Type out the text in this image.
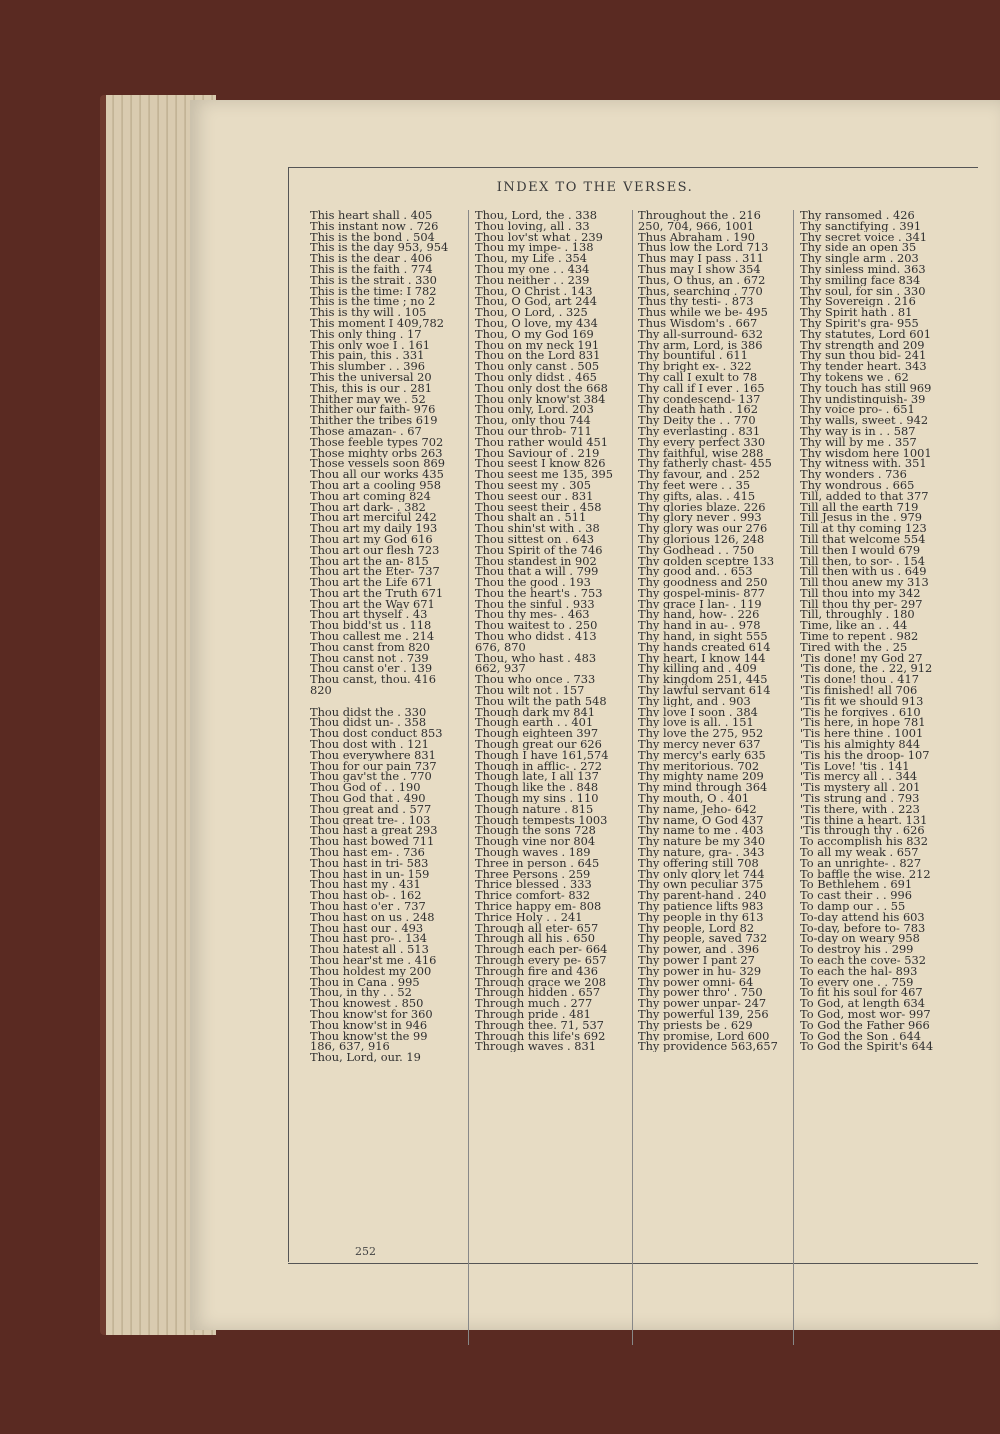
INDEX TO THE VERSES.
This heart shall . 405
This instant now . 726
This is the bond . 504
This is the day 953, 954
This is the dear . 406
This is the faith . 774
This is the strait . 330
This is the time: I 782
This is the time ; no 2
This is thy will . 105
This moment I 409,782
This only thing . 17
This only woe I . 161
This pain, this . 331
This slumber . . 396
This the universal 20
This, this is our . 281
Thither may we . 52
Thither our faith- 976
Thither the tribes 619
Those amazan- . 67
Those feeble types 702
Those mighty orbs 263
Those vessels soon 869
Thou all our works 435
Thou art a cooling 958
Thou art coming 824
Thou art dark- . 382
Thou art merciful 242
Thou art my daily 193
Thou art my God 616
Thou art our flesh 723
Thou art the an- 815
Thou art the Eter- 737
Thou art the Life 671
Thou art the Truth 671
Thou art the Way 671
Thou art thyself . 43
Thou bidd'st us . 118
Thou callest me . 214
Thou canst from 820
Thou canst not . 739
Thou canst o'er . 139
Thou canst, thou. 416
820
Thou didst the . 330
Thou didst un- . 358
Thou dost conduct 853
Thou dost with . 121
Thou everywhere 831
Thou for our pain 737
Thou gav'st the . 770
Thou God of . . 190
Thou God that . 490
Thou great and . 577
Thou great tre- . 103
Thou hast a great 293
Thou hast bowed 711
Thou hast em- . 736
Thou hast in tri- 583
Thou hast in un- 159
Thou hast my . 431
Thou hast ob- . 162
Thou hast o'er . 737
Thou hast on us . 248
Thou hast our . 493
Thou hast pro- . 134
Thou hatest all . 513
Thou hear'st me . 416
Thou holdest my 200
Thou in Cana . 995
Thou, in thy . . 52
Thou knowest . 850
Thou know'st for 360
Thou know'st in 946
Thou know'st the 99
186, 637, 916
Thou, Lord, our. 19
Thou, Lord, the . 338
Thou loving, all . 33
Thou lov'st what . 239
Thou my impe- . 138
Thou, my Life . 354
Thou my one . . 434
Thou neither . . 239
Thou, O Christ . 143
Thou, O God, art 244
Thou, O Lord, . 325
Thou, O love, my 434
Thou, O my God 169
Thou on my neck 191
Thou on the Lord 831
Thou only canst . 505
Thou only didst . 465
Thou only dost the 668
Thou only know'st 384
Thou only, Lord. 203
Thou, only thou 744
Thou our throb- 711
Thou rather would 451
Thou Saviour of . 219
Thou seest I know 826
Thou seest me 135, 395
Thou seest my . 305
Thou seest our . 831
Thou seest their . 458
Thou shalt an . 511
Thou shin'st with . 38
Thou sittest on . 643
Thou Spirit of the 746
Thou standest in 902
Thou that a will . 799
Thou the good . 193
Thou the heart's . 753
Thou the sinful . 933
Thou thy mes- . 463
Thou waitest to . 250
Thou who didst . 413
676, 870
Thou, who hast . 483
662, 937
Thou who once . 733
Thou wilt not . 157
Thou wilt the path 548
Though dark my 841
Though earth . . 401
Though eighteen 397
Though great our 626
Though I have 161,574
Though in afflic- . 272
Though late, I all 137
Though like the . 848
Though my sins . 110
Though nature . 815
Though tempests 1003
Though the sons 728
Though vine nor 804
Though waves . 189
Three in person . 645
Three Persons . 259
Thrice blessed . 333
Thrice comfort- 832
Thrice happy em- 808
Thrice Holy . . 241
Through all eter- 657
Through all his . 650
Through each per- 664
Through every pe- 657
Through fire and 436
Through grace we 208
Through hidden . 657
Through much . 277
Through pride . 481
Through thee. 71, 537
Through this life's 692
Through waves . 831
Throughout the . 216
250, 704, 966, 1001
Thus Abraham . 190
Thus low the Lord 713
Thus may I pass . 311
Thus may I show 354
Thus, O thus, an . 672
Thus, searching . 770
Thus thy testi- . 873
Thus while we be- 495
Thus Wisdom's . 667
Thy all-surround- 632
Thy arm, Lord, is 386
Thy bountiful . 611
Thy bright ex- . 322
Thy call I exult to 78
Thy call if I ever . 165
Thy condescend- 137
Thy death hath . 162
Thy Deity the . . 770
Thy everlasting . 831
Thy every perfect 330
Thy faithful, wise 288
Thy fatherly chast- 455
Thy favour, and . 252
Thy feet were . . 35
Thy gifts, alas. . 415
Thy glories blaze. 226
Thy glory never . 993
Thy glory was our 276
Thy glorious 126, 248
Thy Godhead . . 750
Thy golden sceptre 133
Thy good and. . 653
Thy goodness and 250
Thy gospel-minis- 877
Thy grace I lan- . 119
Thy hand, how- . 226
Thy hand in au- . 978
Thy hand, in sight 555
Thy hands created 614
Thy heart, I know 144
Thy killing and . 409
Thy kingdom 251, 445
Thy lawful servant 614
Thy light, and . 903
Thy love I soon . 384
Thy love is all. . 151
Thy love the 275, 952
Thy mercy never 637
Thy mercy's early 635
Thy meritorious. 702
Thy mighty name 209
Thy mind through 364
Thy mouth, O . 401
Thy name, Jeho- 642
Thy name, O God 437
Thy name to me . 403
Thy nature be my 340
Thy nature, gra- . 343
Thy offering still 708
Thy only glory let 744
Thy own peculiar 375
Thy parent-hand . 240
Thy patience lifts 983
Thy people in thy 613
Thy people, Lord 82
Thy people, saved 732
Thy power, and . 396
Thy power I pant 27
Thy power in hu- 329
Thy power omni- 64
Thy power thro' . 750
Thy power unpar- 247
Thy powerful 139, 256
Thy priests be . 629
Thy promise, Lord 600
Thy providence 563,657
Thy ransomed . 426
Thy sanctifying . 391
Thy secret voice . 341
Thy side an open 35
Thy single arm . 203
Thy sinless mind. 363
Thy smiling face 834
Thy soul, for sin . 330
Thy Sovereign . 216
Thy Spirit hath . 81
Thy Spirit's gra- 955
Thy statutes, Lord 601
Thy strength and 209
Thy sun thou bid- 241
Thy tender heart. 343
Thy tokens we . 62
Thy touch has still 969
Thy undistinguish- 39
Thy voice pro- . 651
Thy walls, sweet . 942
Thy way is in . . 587
Thy will by me . 357
Thy wisdom here 1001
Thy witness with. 351
Thy wonders . 736
Thy wondrous . 665
Till, added to that 377
Till all the earth 719
Till Jesus in the . 979
Till at thy coming 123
Till that welcome 554
Till then I would 679
Till then, to sor- . 154
Till then with us . 649
Till thou anew my 313
Till thou into my 342
Till thou thy per- 297
Till, throughly . 180
Time, like an . . 44
Time to repent . 982
Tired with the . 25
'Tis done! my God 27
'Tis done, the . 22, 912
'Tis done! thou . 417
'Tis finished! all 706
'Tis fit we should 913
'Tis he forgives . 610
'Tis here, in hope 781
'Tis here thine . 1001
'Tis his almighty 844
'Tis his the droop- 107
'Tis Love! 'tis . 141
'Tis mercy all . . 344
'Tis mystery all . 201
'Tis strung and . 793
'Tis there, with . 223
'Tis thine a heart. 131
'Tis through thy . 626
To accomplish his 832
To all my weak . 657
To an unrighte- . 827
To baffle the wise. 212
To Bethlehem . 691
To cast their . . 996
To damp our . . 55
To-day attend his 603
To-day, before to- 783
To-day on weary 958
To destroy his . 299
To each the cove- 532
To each the hal- 893
To every one . . 759
To fit his soul for 467
To God, at length 634
To God, most wor- 997
To God the Father 966
To God the Son . 644
To God the Spirit's 644
252
